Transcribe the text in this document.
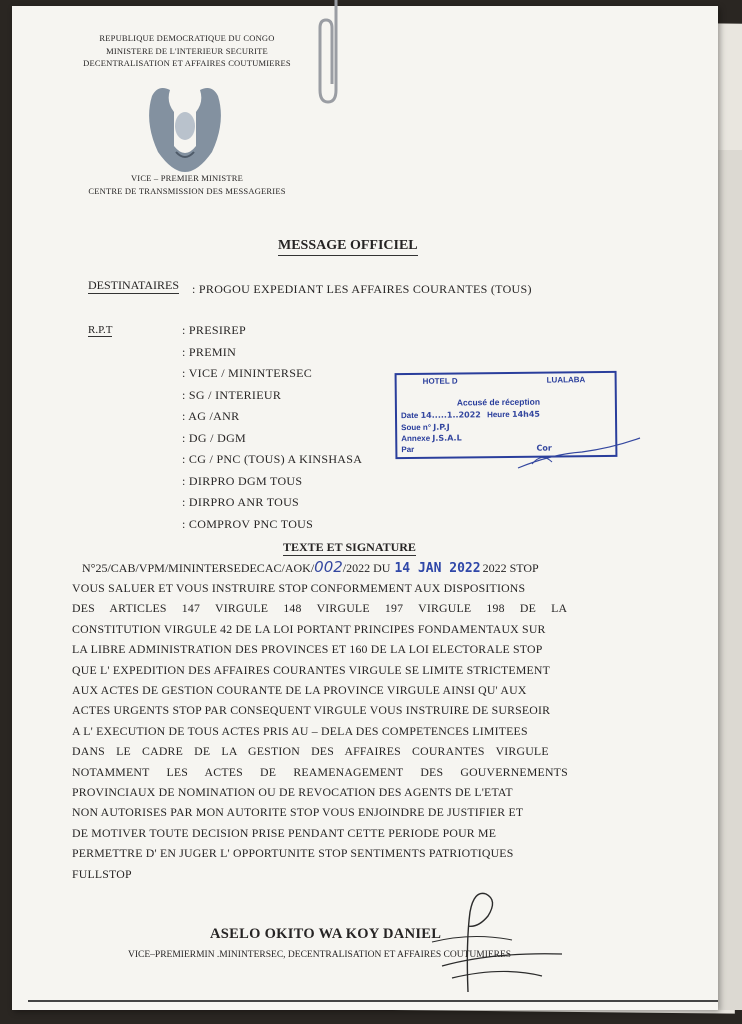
REPUBLIQUE DEMOCRATIQUE DU CONGO
MINISTERE DE L'INTERIEUR SECURITE
DECENTRALISATION ET AFFAIRES COUTUMIERES
VICE – PREMIER MINISTRE
CENTRE DE TRANSMISSION DES MESSAGERIES
MESSAGE OFFICIEL
DESTINATAIRES : PROGOU EXPEDIANT LES AFFAIRES COURANTES (TOUS)
R.P.T	: PRESIREP
: PREMIN
: VICE / MININTERSEC
: SG / INTERIEUR
: AG /ANR
: DG / DGM
: CG / PNC (TOUS) A KINSHASA
: DIRPRO DGM TOUS
: DIRPRO ANR TOUS
: COMPROV PNC TOUS
HOTEL D	LUALABA
Accusé de réception
Date 14.....1..2022 Heure 14h45
Soue n° J.P.J
Annexe J.S.A.L
Par	Cor
TEXTE ET SIGNATURE
N°25/CAB/VPM/MININTERSEDECAC/AOK/002/2022 DU 14 JAN 2022 2022 STOP
VOUS SALUER ET VOUS INSTRUIRE STOP CONFORMEMENT AUX DISPOSITIONS
DES ARTICLES 147 VIRGULE 148 VIRGULE 197 VIRGULE 198 DE LA
CONSTITUTION VIRGULE 42 DE LA LOI PORTANT PRINCIPES FONDAMENTAUX SUR
LA LIBRE ADMINISTRATION DES PROVINCES ET 160 DE LA LOI ELECTORALE STOP
QUE L' EXPEDITION DES AFFAIRES COURANTES VIRGULE SE LIMITE STRICTEMENT
AUX ACTES DE GESTION COURANTE DE LA PROVINCE VIRGULE AINSI QU' AUX
ACTES URGENTS STOP PAR CONSEQUENT VIRGULE VOUS INSTRUIRE DE SURSEOIR
A L' EXECUTION DE TOUS ACTES PRIS AU – DELA DES COMPETENCES LIMITEES
DANS LE CADRE DE LA GESTION DES AFFAIRES COURANTES VIRGULE
NOTAMMENT LES ACTES DE REAMENAGEMENT DES GOUVERNEMENTS
PROVINCIAUX DE NOMINATION OU DE REVOCATION DES AGENTS DE L'ETAT
NON AUTORISES PAR MON AUTORITE STOP VOUS ENJOINDRE DE JUSTIFIER ET
DE MOTIVER TOUTE DECISION PRISE PENDANT CETTE PERIODE POUR ME
PERMETTRE D' EN JUGER L' OPPORTUNITE STOP SENTIMENTS PATRIOTIQUES
FULLSTOP
ASELO OKITO WA KOY DANIEL
VICE–PREMIERMIN .MININTERSEC, DECENTRALISATION ET AFFAIRES COUTUMIERES
